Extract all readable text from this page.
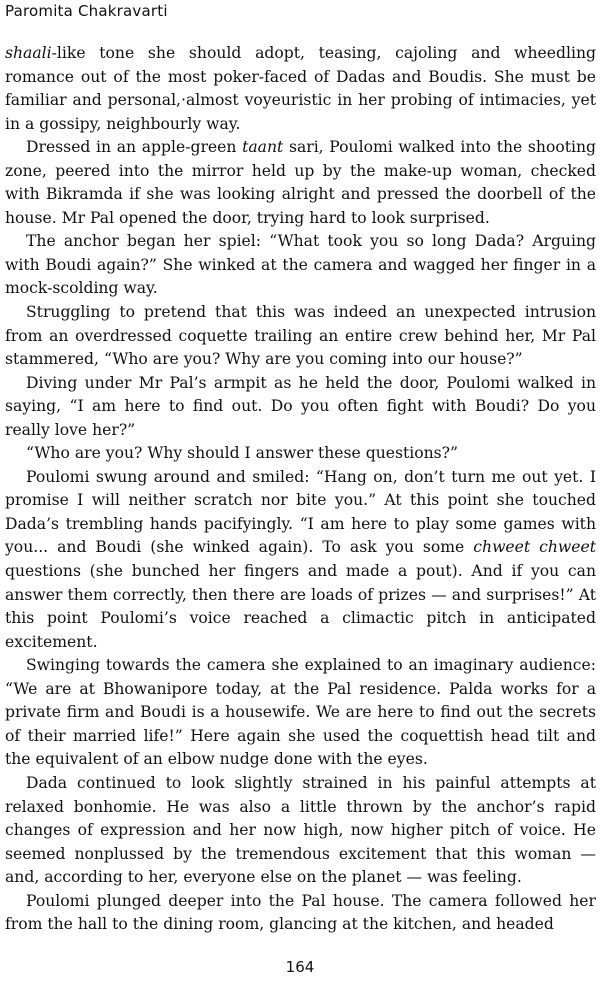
Paromita Chakravarti

shaali-like tone she should adopt, teasing, cajoling and wheedling romance out of the most poker-faced of Dadas and Boudis. She must be familiar and personal,·almost voyeuristic in her probing of intimacies, yet in a gossipy, neighbourly way.

Dressed in an apple-green taant sari, Poulomi walked into the shooting zone, peered into the mirror held up by the make-up woman, checked with Bikramda if she was looking alright and pressed the doorbell of the house. Mr Pal opened the door, trying hard to look surprised.

The anchor began her spiel: “What took you so long Dada? Arguing with Boudi again?” She winked at the camera and wagged her finger in a mock-scolding way.

Struggling to pretend that this was indeed an unexpected intrusion from an overdressed coquette trailing an entire crew behind her, Mr Pal stammered, “Who are you? Why are you coming into our house?”

Diving under Mr Pal’s armpit as he held the door, Poulomi walked in saying, “I am here to find out. Do you often fight with Boudi? Do you really love her?”

“Who are you? Why should I answer these questions?”

Poulomi swung around and smiled: “Hang on, don’t turn me out yet. I promise I will neither scratch nor bite you.” At this point she touched Dada’s trembling hands pacifyingly. “I am here to play some games with you... and Boudi (she winked again). To ask you some chweet chweet questions (she bunched her fingers and made a pout). And if you can answer them correctly, then there are loads of prizes — and surprises!” At this point Poulomi’s voice reached a climactic pitch in anticipated excitement.

Swinging towards the camera she explained to an imaginary audience: “We are at Bhowanipore today, at the Pal residence. Palda works for a private firm and Boudi is a housewife. We are here to find out the secrets of their married life!” Here again she used the coquettish head tilt and the equivalent of an elbow nudge done with the eyes.

Dada continued to look slightly strained in his painful attempts at relaxed bonhomie. He was also a little thrown by the anchor’s rapid changes of expression and her now high, now higher pitch of voice. He seemed nonplussed by the tremendous excitement that this woman — and, according to her, everyone else on the planet — was feeling.

Poulomi plunged deeper into the Pal house. The camera followed her from the hall to the dining room, glancing at the kitchen, and headed

164
